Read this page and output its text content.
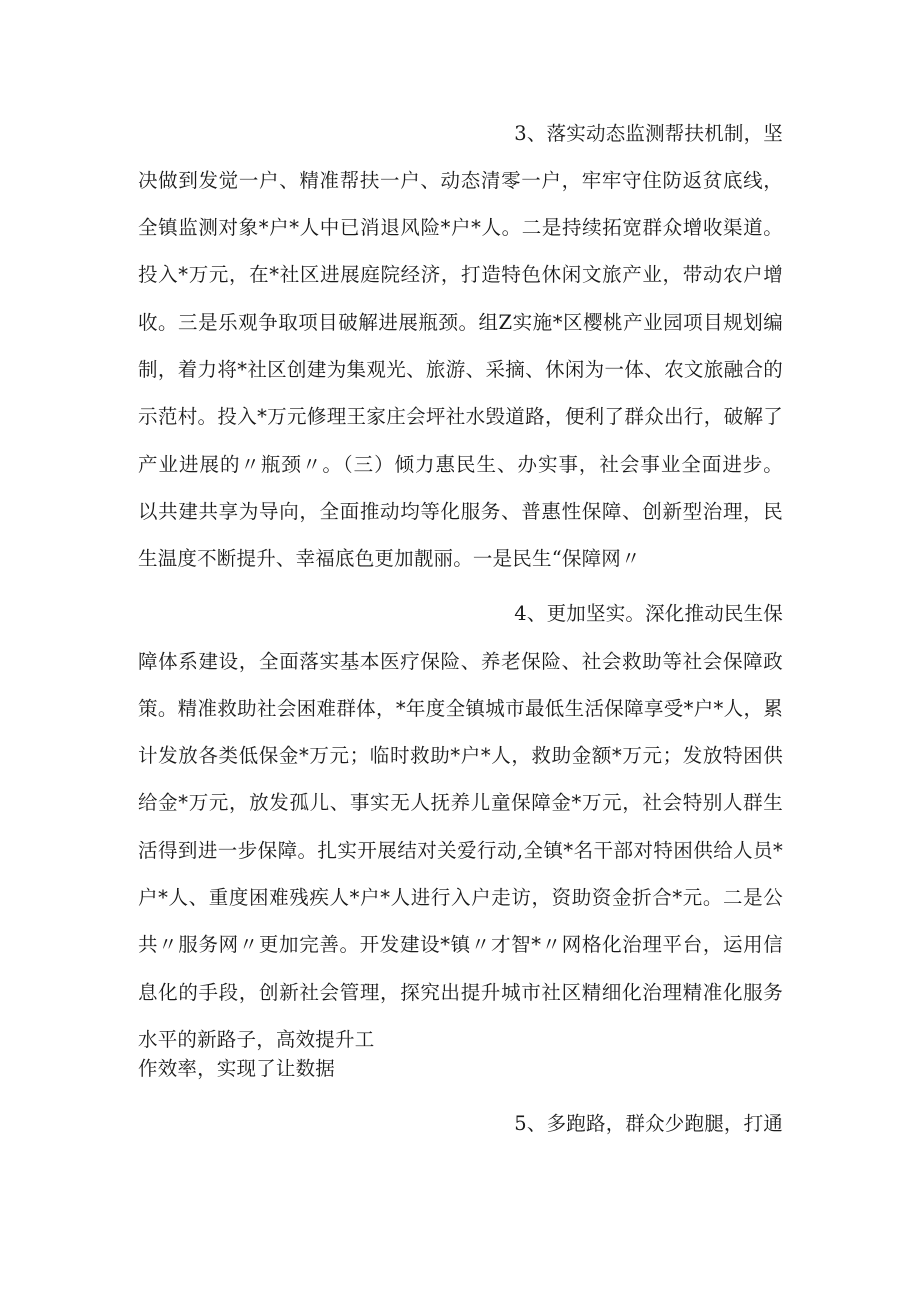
3、落实动态监测帮扶机制，坚
决做到发觉一户、精准帮扶一户、动态清零一户，牢牢守住防返贫底线，
全镇监测对象*户*人中已消退风险*户*人。二是持续拓宽群众增收渠道。
投入*万元，在*社区进展庭院经济，打造特色休闲文旅产业，带动农户增
收。三是乐观争取项目破解进展瓶颈。组Z实施*区樱桃产业园项目规划编
制，着力将*社区创建为集观光、旅游、采摘、休闲为一体、农文旅融合的
示范村。投入*万元修理王家庄会坪社水毁道路，便利了群众出行，破解了
产业进展的〃瓶颈〃。（三）倾力惠民生、办实事，社会事业全面进步。
以共建共享为导向，全面推动均等化服务、普惠性保障、创新型治理，民
生温度不断提升、幸福底色更加靓丽。一是民生“保障网〃
4、更加坚实。深化推动民生保
障体系建设，全面落实基本医疗保险、养老保险、社会救助等社会保障政
策。精准救助社会困难群体，*年度全镇城市最低生活保障享受*户*人，累
计发放各类低保金*万元；临时救助*户*人，救助金额*万元；发放特困供
给金*万元，放发孤儿、事实无人抚养儿童保障金*万元，社会特别人群生
活得到进一步保障。扎实开展结对关爱行动,全镇*名干部对特困供给人员*
户*人、重度困难残疾人*户*人进行入户走访，资助资金折合*元。二是公
共〃服务网〃更加完善。开发建设*镇〃才智*〃网格化治理平台，运用信
息化的手段，创新社会管理，探究出提升城市社区精细化治理精准化服务
水平的新路子，高效提升工
作效率，实现了让数据
5、多跑路，群众少跑腿，打通
